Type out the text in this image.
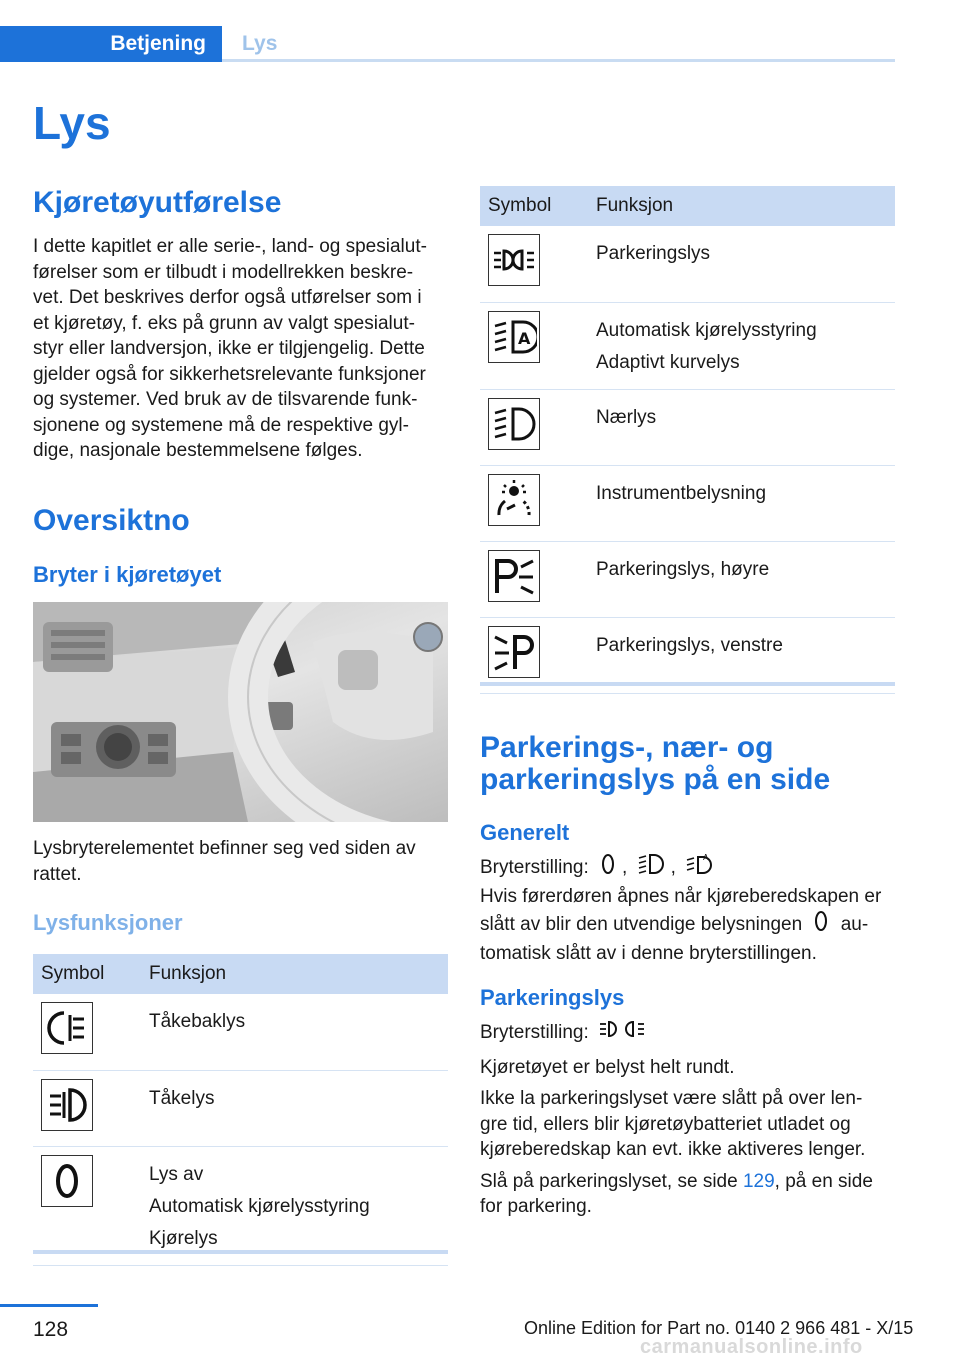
Betjening	Lys
Lys
Kjøretøyutførelse
I dette kapitlet er alle serie-, land- og spesialut‐
førelser som er tilbudt i modellrekken beskre‐
vet. Det beskrives derfor også utførelser som i
et kjøretøy, f. eks på grunn av valgt spesialut‐
styr eller landversjon, ikke er tilgjengelig. Dette
gjelder også for sikkerhetsrelevante funksjoner
og systemer. Ved bruk av de tilsvarende funk‐
sjonene og systemene må de respektive gyl‐
dige, nasjonale bestemmelsene følges.
Oversiktno
Bryter i kjøretøyet
Lysbryterelementet befinner seg ved siden av
rattet.
Lysfunksjoner
Symbol	Funksjon

Tåkebaklys

Tåkelys

Lys av
Automatisk kjørelysstyring
Kjørelys
Symbol	Funksjon

Parkeringslys

A	Automatisk kjørelysstyring
Adaptivt kurvelys

Nærlys

Instrumentbelysning

Parkeringslys, høyre

Parkeringslys, venstre
Parkerings-, nær- og
parkeringslys på en side
Generelt
Bryterstilling: , ,	A
Hvis førerdøren åpnes når kjøreberedskapen er
slått av blir den utvendige belysningen au‐
tomatisk slått av i denne bryterstillingen.
Parkeringslys
Bryterstilling:
Kjøretøyet er belyst helt rundt.
Ikke la parkeringslyset være slått på over len‐
gre tid, ellers blir kjøretøybatteriet utladet og
kjøreberedskap kan evt. ikke aktiveres lenger.
Slå på parkeringslyset, se side 129, på en side
for parkering.
128	Online Edition for Part no. 0140 2 966 481 - X/15
carmanualsonline.info
